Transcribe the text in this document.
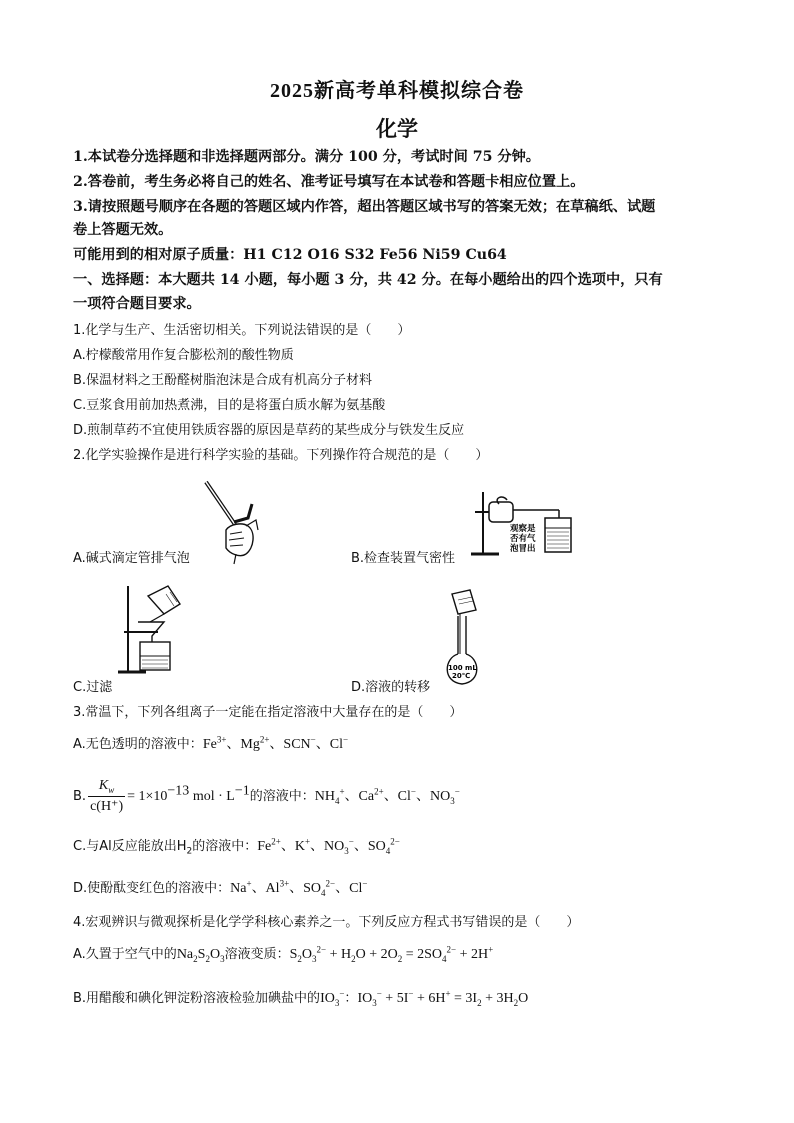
2025新高考单科模拟综合卷
化学
1.本试卷分选择题和非选择题两部分。满分 100 分，考试时间 75 分钟。
2.答卷前，考生务必将自己的姓名、准考证号填写在本试卷和答题卡相应位置上。
3.请按照题号顺序在各题的答题区域内作答，超出答题区域书写的答案无效；在草稿纸、试题
卷上答题无效。
可能用到的相对原子质量：H1 C12 O16 S32 Fe56 Ni59 Cu64
一、选择题：本大题共 14 小题，每小题 3 分，共 42 分。在每小题给出的四个选项中，只有
一项符合题目要求。
1.化学与生产、生活密切相关。下列说法错误的是（　　）
A.柠檬酸常用作复合膨松剂的酸性物质
B.保温材料之王酚醛树脂泡沫是合成有机高分子材料
C.豆浆食用前加热煮沸，目的是将蛋白质水解为氨基酸
D.煎制草药不宜使用铁质容器的原因是草药的某些成分与铁发生反应
2.化学实验操作是进行科学实验的基础。下列操作符合规范的是（　　）
A.碱式滴定管排气泡
观察是
否有气
泡冒出
B.检查装置气密性
C.过滤
100 mL
20℃
D.溶液的转移
3.常温下，下列各组离子一定能在指定溶液中大量存在的是（　　）
A.无色透明的溶液中：$Fe^{3+}$、$Mg^{2+}$、SCN−、Cl−
B. $\frac{K_w}{c(H^+)} = 1\times 10^{-13}$ mol · $L^{-1}$的溶液中：$NH_4^+$、$Ca^{2+}$、Cl−、$NO_3^-$
C.与Al反应能放出$H_2$的溶液中：$Fe^{2+}$、K+、$NO_3^-$、$SO_4^{2-}$
D.使酚酞变红色的溶液中：Na+、$Al^{3+}$、$SO_4^{2-}$、Cl−
4.宏观辨识与微观探析是化学学科核心素养之一。下列反应方程式书写错误的是（　　）
A.久置于空气中的$Na_2S_2O_3$溶液变质：$S_2O_3^{2-} + H_2O + 2O_2 = 2SO_4^{2-} + 2H^+$
B.用醋酸和碘化钾淀粉溶液检验加碘盐中的$IO_3^-$：$IO_3^- + 5I^- + 6H^+ = 3I_2 + 3H_2O$
